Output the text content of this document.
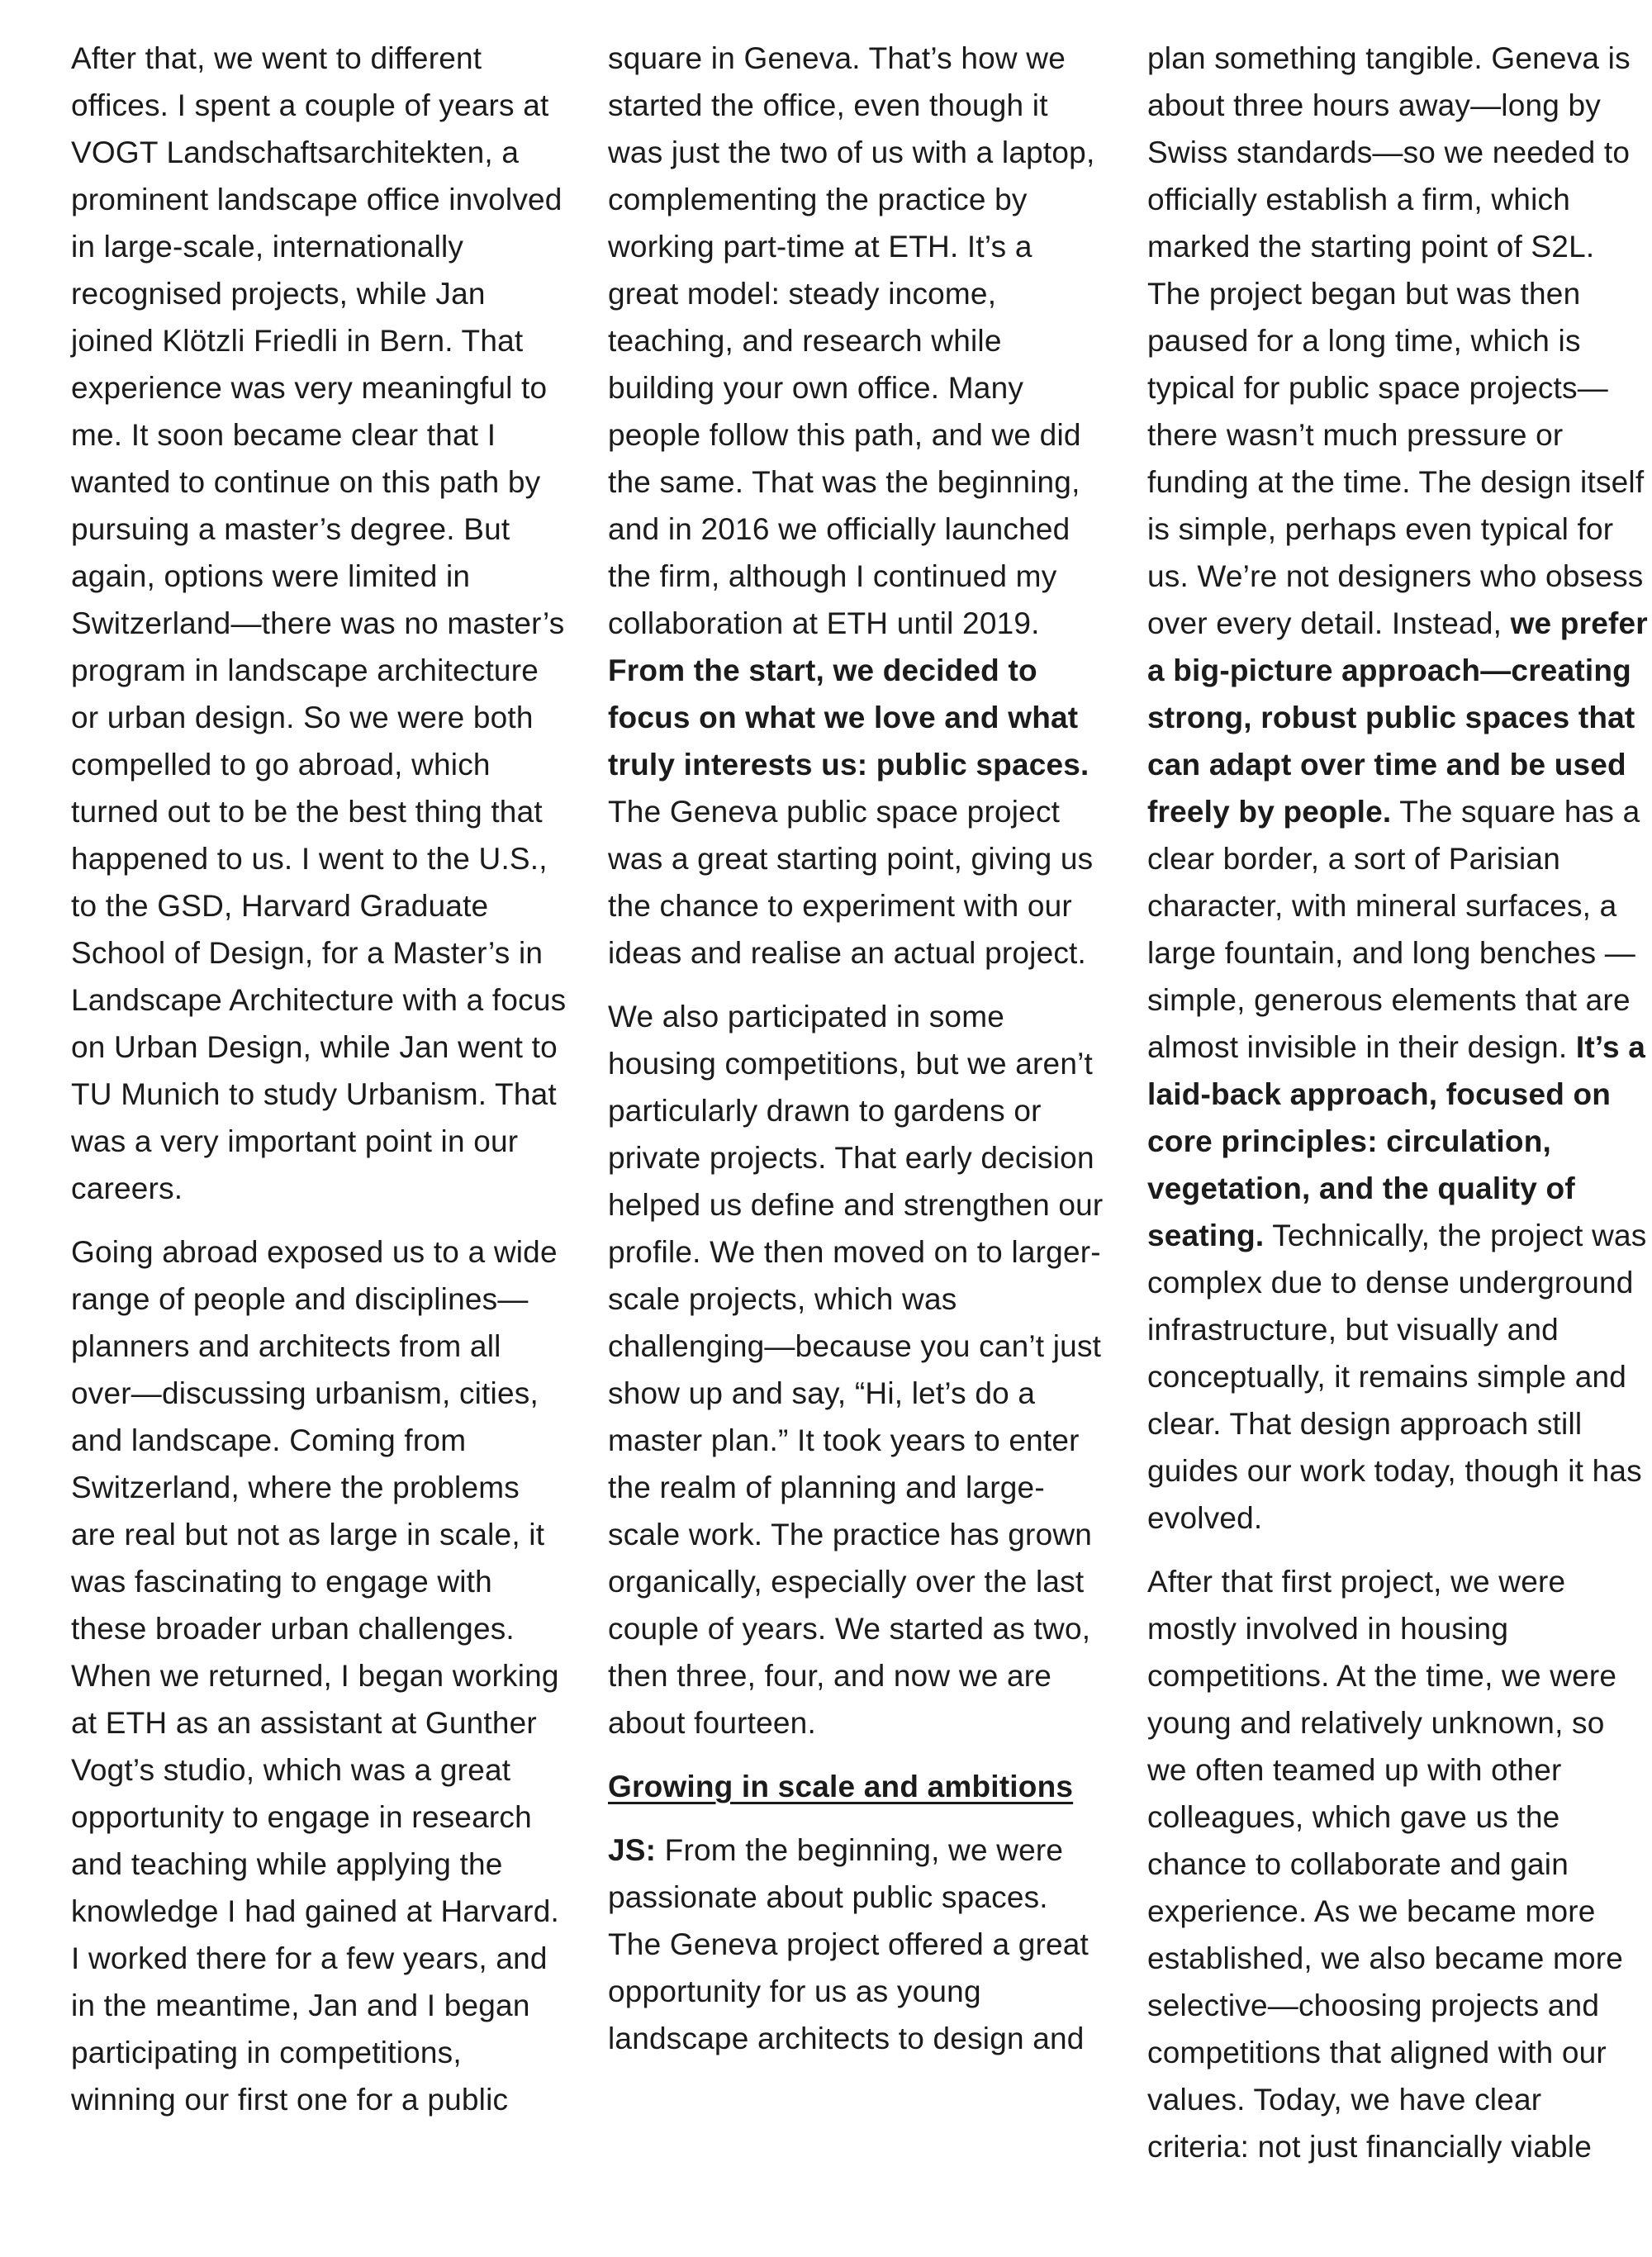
After that, we went to different offices. I spent a couple of years at VOGT Landschaftsarchitekten, a prominent landscape office involved in large-scale, internationally recognised projects, while Jan joined Klötzli Friedli in Bern. That experience was very meaningful to me. It soon became clear that I wanted to continue on this path by pursuing a master’s degree. But again, options were limited in Switzerland—there was no master’s program in landscape architecture or urban design. So we were both compelled to go abroad, which turned out to be the best thing that happened to us. I went to the U.S., to the GSD, Harvard Graduate School of Design, for a Master’s in Landscape Architecture with a focus on Urban Design, while Jan went to TU Munich to study Urbanism. That was a very important point in our careers.

Going abroad exposed us to a wide range of people and disciplines—planners and architects from all over—discussing urbanism, cities, and landscape. Coming from Switzerland, where the problems are real but not as large in scale, it was fascinating to engage with these broader urban challenges. When we returned, I began working at ETH as an assistant at Gunther Vogt’s studio, which was a great opportunity to engage in research and teaching while applying the knowledge I had gained at Harvard. I worked there for a few years, and in the meantime, Jan and I began participating in competitions, winning our first one for a public

square in Geneva. That’s how we started the office, even though it was just the two of us with a laptop, complementing the practice by working part-time at ETH. It’s a great model: steady income, teaching, and research while building your own office. Many people follow this path, and we did the same. That was the beginning, and in 2016 we officially launched the firm, although I continued my collaboration at ETH until 2019. From the start, we decided to focus on what we love and what truly interests us: public spaces. The Geneva public space project was a great starting point, giving us the chance to experiment with our ideas and realise an actual project.

We also participated in some housing competitions, but we aren’t particularly drawn to gardens or private projects. That early decision helped us define and strengthen our profile. We then moved on to larger-scale projects, which was challenging—because you can’t just show up and say, “Hi, let’s do a master plan.” It took years to enter the realm of planning and large-scale work. The practice has grown organically, especially over the last couple of years. We started as two, then three, four, and now we are about fourteen.

Growing in scale and ambitions

JS: From the beginning, we were passionate about public spaces. The Geneva project offered a great opportunity for us as young landscape architects to design and

plan something tangible. Geneva is about three hours away—long by Swiss standards—so we needed to officially establish a firm, which marked the starting point of S2L. The project began but was then paused for a long time, which is typical for public space projects—there wasn’t much pressure or funding at the time. The design itself is simple, perhaps even typical for us. We’re not designers who obsess over every detail. Instead, we prefer a big-picture approach—creating strong, robust public spaces that can adapt over time and be used freely by people. The square has a clear border, a sort of Parisian character, with mineral surfaces, a large fountain, and long benches —simple, generous elements that are almost invisible in their design. It’s a laid-back approach, focused on core principles: circulation, vegetation, and the quality of seating. Technically, the project was complex due to dense underground infrastructure, but visually and conceptually, it remains simple and clear. That design approach still guides our work today, though it has evolved.

After that first project, we were mostly involved in housing competitions. At the time, we were young and relatively unknown, so we often teamed up with other colleagues, which gave us the chance to collaborate and gain experience. As we became more established, we also became more selective—choosing projects and competitions that aligned with our values. Today, we have clear criteria: not just financially viable
